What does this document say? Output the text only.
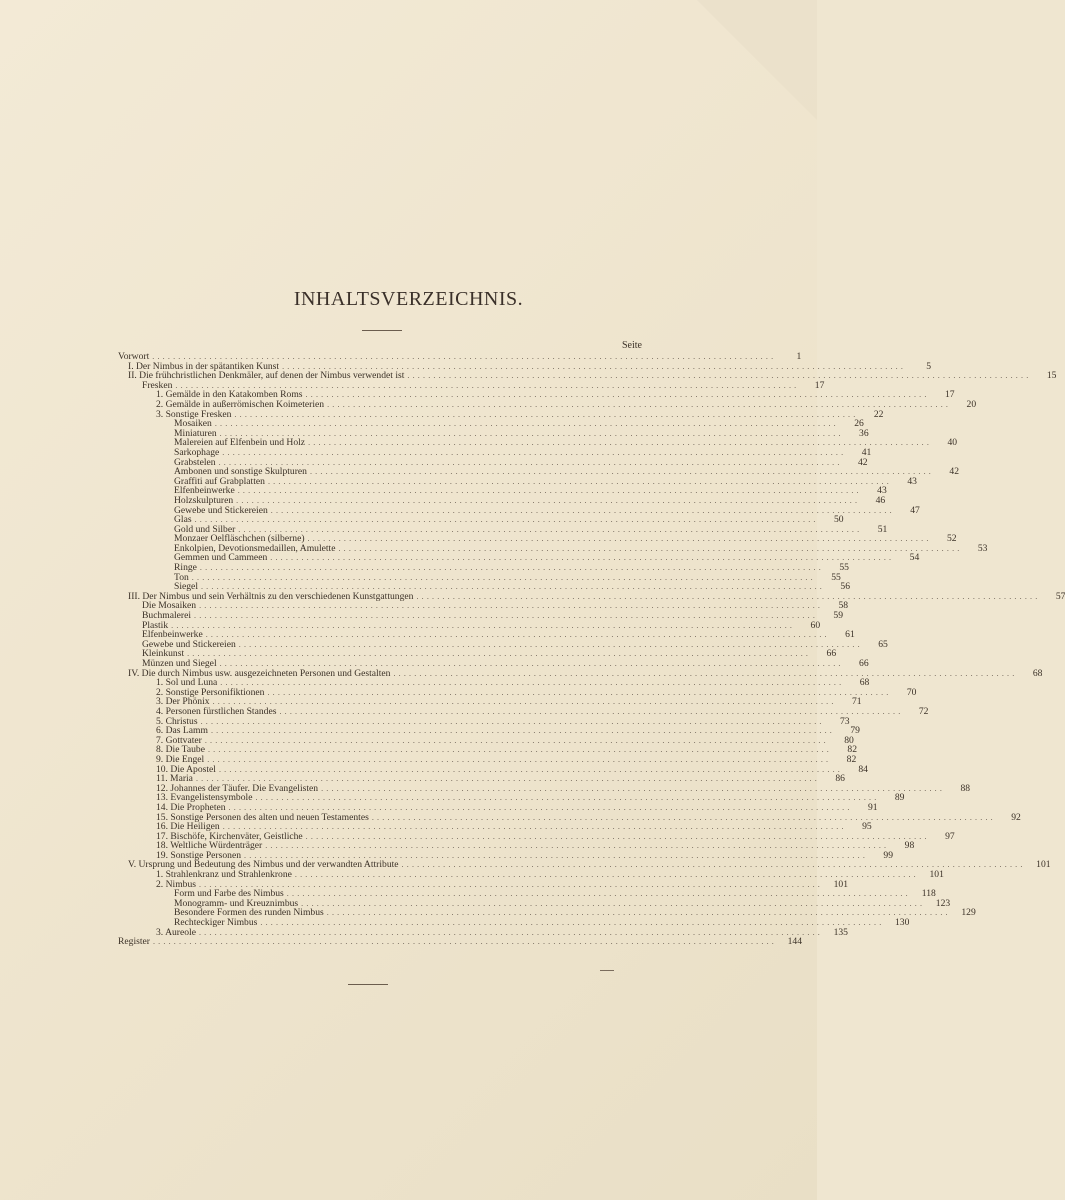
INHALTSVERZEICHNIS.
Seite
Vorwort ........................................................................................................................	1
I. Der Nimbus in der spätantiken Kunst ........................................................................................................................	5
II. Die frühchristlichen Denkmäler, auf denen der Nimbus verwendet ist ........................................................................................................................	15
Fresken ........................................................................................................................	17
1. Gemälde in den Katakomben Roms ........................................................................................................................	17
2. Gemälde in außerrömischen Koimeterien ........................................................................................................................	20
3. Sonstige Fresken ........................................................................................................................	22
Mosaiken ........................................................................................................................	26
Miniaturen ........................................................................................................................	36
Malereien auf Elfenbein und Holz ........................................................................................................................	40
Sarkophage ........................................................................................................................	41
Grabstelen ........................................................................................................................	42
Ambonen und sonstige Skulpturen ........................................................................................................................	42
Graffiti auf Grabplatten ........................................................................................................................	43
Elfenbeinwerke ........................................................................................................................	43
Holzskulpturen ........................................................................................................................	46
Gewebe und Stickereien ........................................................................................................................	47
Glas ........................................................................................................................	50
Gold und Silber ........................................................................................................................	51
Monzaer Oelfläschchen (silberne) ........................................................................................................................	52
Enkolpien, Devotionsmedaillen, Amulette ........................................................................................................................	53
Gemmen und Cammeen ........................................................................................................................	54
Ringe ........................................................................................................................	55
Ton ........................................................................................................................	55
Siegel ........................................................................................................................	56
III. Der Nimbus und sein Verhältnis zu den verschiedenen Kunstgattungen ........................................................................................................................	57
Die Mosaiken ........................................................................................................................	58
Buchmalerei ........................................................................................................................	59
Plastik ........................................................................................................................	60
Elfenbeinwerke ........................................................................................................................	61
Gewebe und Stickereien ........................................................................................................................	65
Kleinkunst ........................................................................................................................	66
Münzen und Siegel ........................................................................................................................	66
IV. Die durch Nimbus usw. ausgezeichneten Personen und Gestalten ........................................................................................................................	68
1. Sol und Luna ........................................................................................................................	68
2. Sonstige Personifiktionen ........................................................................................................................	70
3. Der Phönix ........................................................................................................................	71
4. Personen fürstlichen Standes ........................................................................................................................	72
5. Christus ........................................................................................................................	73
6. Das Lamm ........................................................................................................................	79
7. Gottvater ........................................................................................................................	80
8. Die Taube ........................................................................................................................	82
9. Die Engel ........................................................................................................................	82
10. Die Apostel ........................................................................................................................	84
11. Maria ........................................................................................................................	86
12. Johannes der Täufer. Die Evangelisten ........................................................................................................................	88
13. Evangelistensymbole ........................................................................................................................	89
14. Die Propheten ........................................................................................................................	91
15. Sonstige Personen des alten und neuen Testamentes ........................................................................................................................	92
16. Die Heiligen ........................................................................................................................	95
17. Bischöfe, Kirchenväter, Geistliche ........................................................................................................................	97
18. Weltliche Würdenträger ........................................................................................................................	98
19. Sonstige Personen ........................................................................................................................	99
V. Ursprung und Bedeutung des Nimbus und der verwandten Attribute ........................................................................................................................	101
1. Strahlenkranz und Strahlenkrone ........................................................................................................................	101
2. Nimbus ........................................................................................................................	101
Form und Farbe des Nimbus ........................................................................................................................	118
Monogramm- und Kreuznimbus ........................................................................................................................	123
Besondere Formen des runden Nimbus ........................................................................................................................	129
Rechteckiger Nimbus ........................................................................................................................	130
3. Aureole ........................................................................................................................	135
Register ........................................................................................................................	144
